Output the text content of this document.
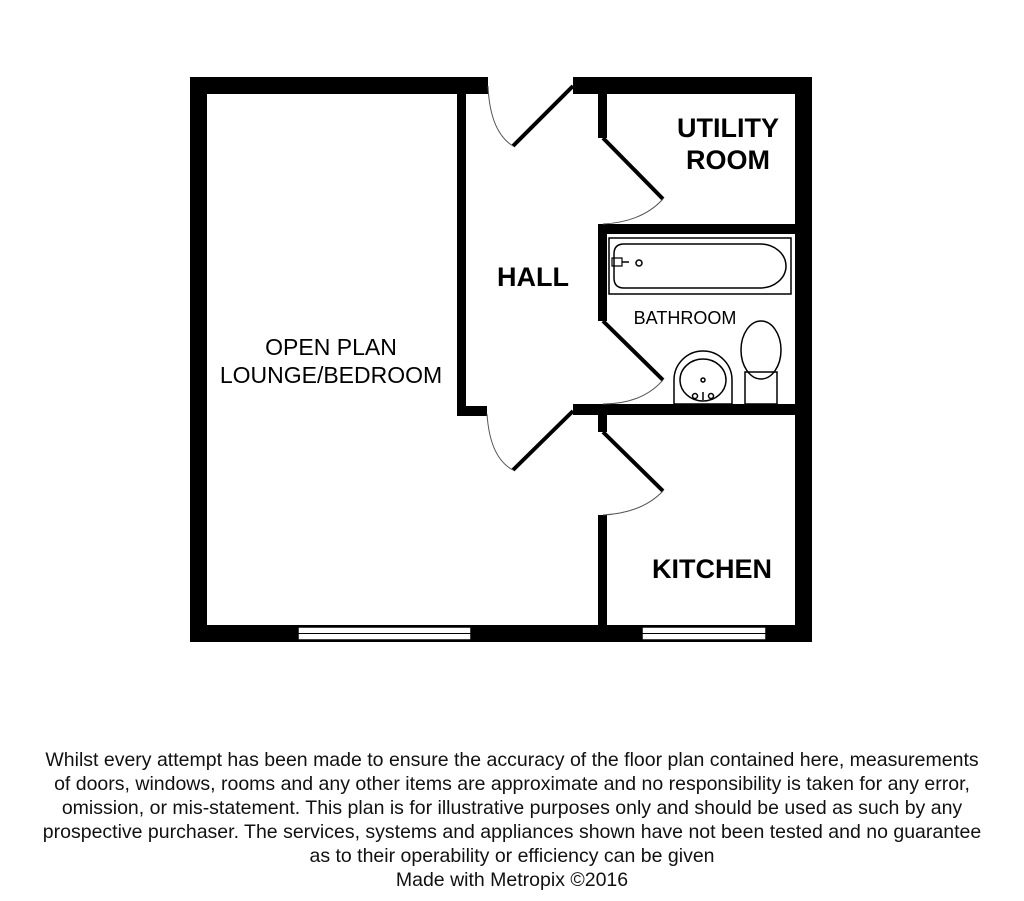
UTILITY
ROOM
HALL
BATHROOM
OPEN PLAN
LOUNGE/BEDROOM
KITCHEN
Whilst every attempt has been made to ensure the accuracy of the floor plan contained here, measurements
of doors, windows, rooms and any other items are approximate and no responsibility is taken for any error,
omission, or mis-statement. This plan is for illustrative purposes only and should be used as such by any
prospective purchaser. The services, systems and appliances shown have not been tested and no guarantee
as to their operability or efficiency can be given
Made with Metropix ©2016
